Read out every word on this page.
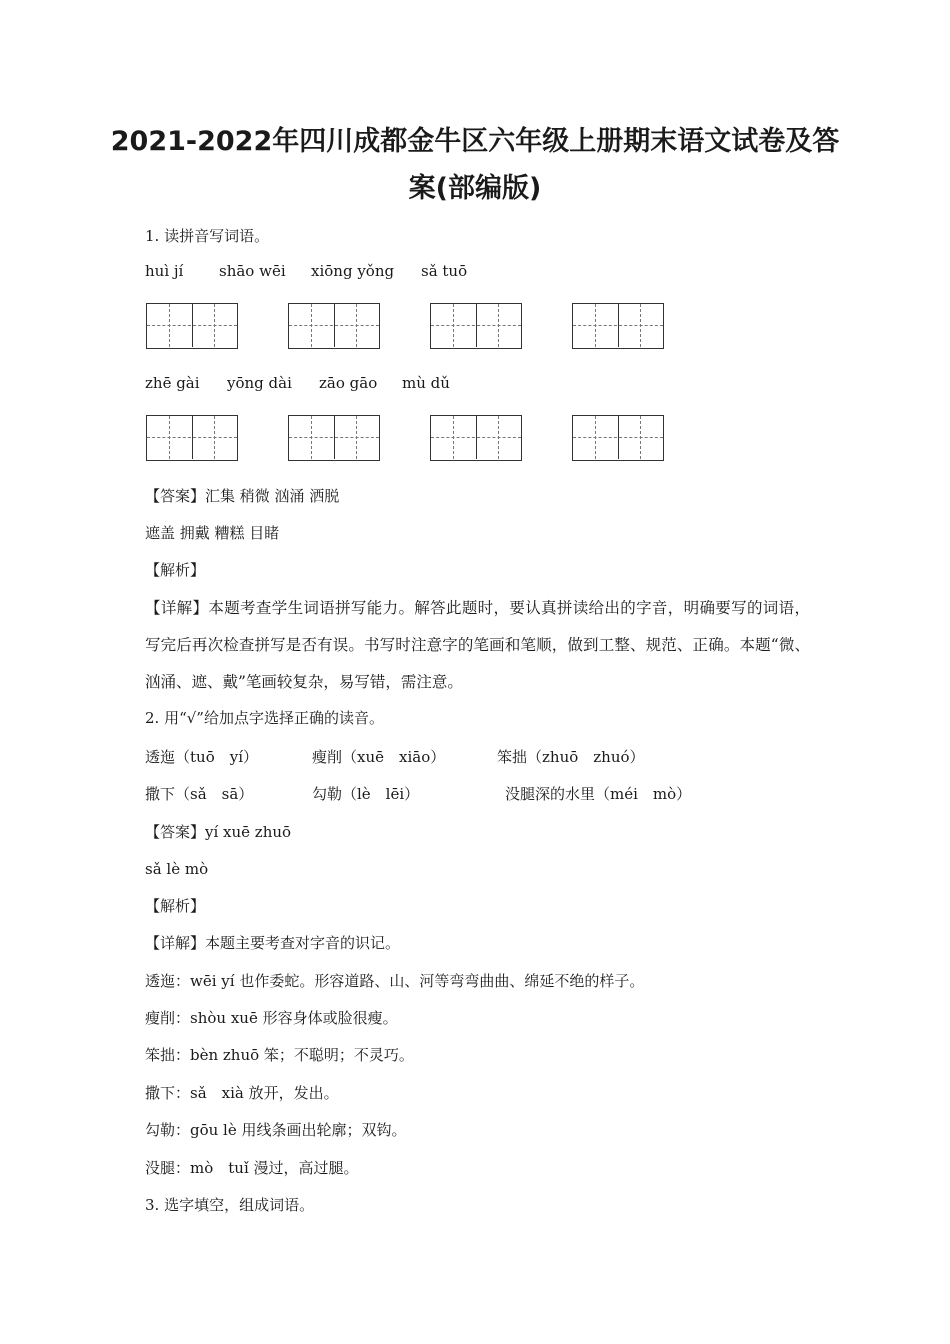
2021-2022年四川成都金牛区六年级上册期末语文试卷及答
案(部编版)
1. 读拼音写词语。
huì jí shāo wēi xiōng yǒng sǎ tuō
zhē gài yōng dài zāo gāo mù dǔ
【答案】汇集 稍微 汹涌 洒脱
遮盖 拥戴 糟糕 目睹
【解析】

【详解】本题考查学生词语拼写能力。解答此题时，要认真拼读给出的字音，明确要写的词语，写完后再次检查拼写是否有误。书写时注意字的笔画和笔顺，做到工整、规范、正确。本题“微、汹涌、遮、戴”笔画较复杂，易写错，需注意。

2. 用“√”给加点字选择正确的读音。
透迤（tuō　yí）	瘦削（xuē　xiāo）	笨拙（zhuō　zhuó）
撒下（sǎ　sā）	勾勒（lè　lēi）	没腿深的水里（méi　mò）
【答案】yí xuē zhuō
sǎ lè mò
【解析】
【详解】本题主要考查对字音的识记。
透迤：wēi yí 也作委蛇。形容道路、山、河等弯弯曲曲、绵延不绝的样子。
瘦削：shòu xuē 形容身体或脸很瘦。
笨拙：bèn zhuō 笨；不聪明；不灵巧。
撒下：sǎ　xià 放开，发出。
勾勒：gōu lè 用线条画出轮廓；双钩。
没腿：mò　tuǐ 漫过，高过腿。
3. 选字填空，组成词语。
